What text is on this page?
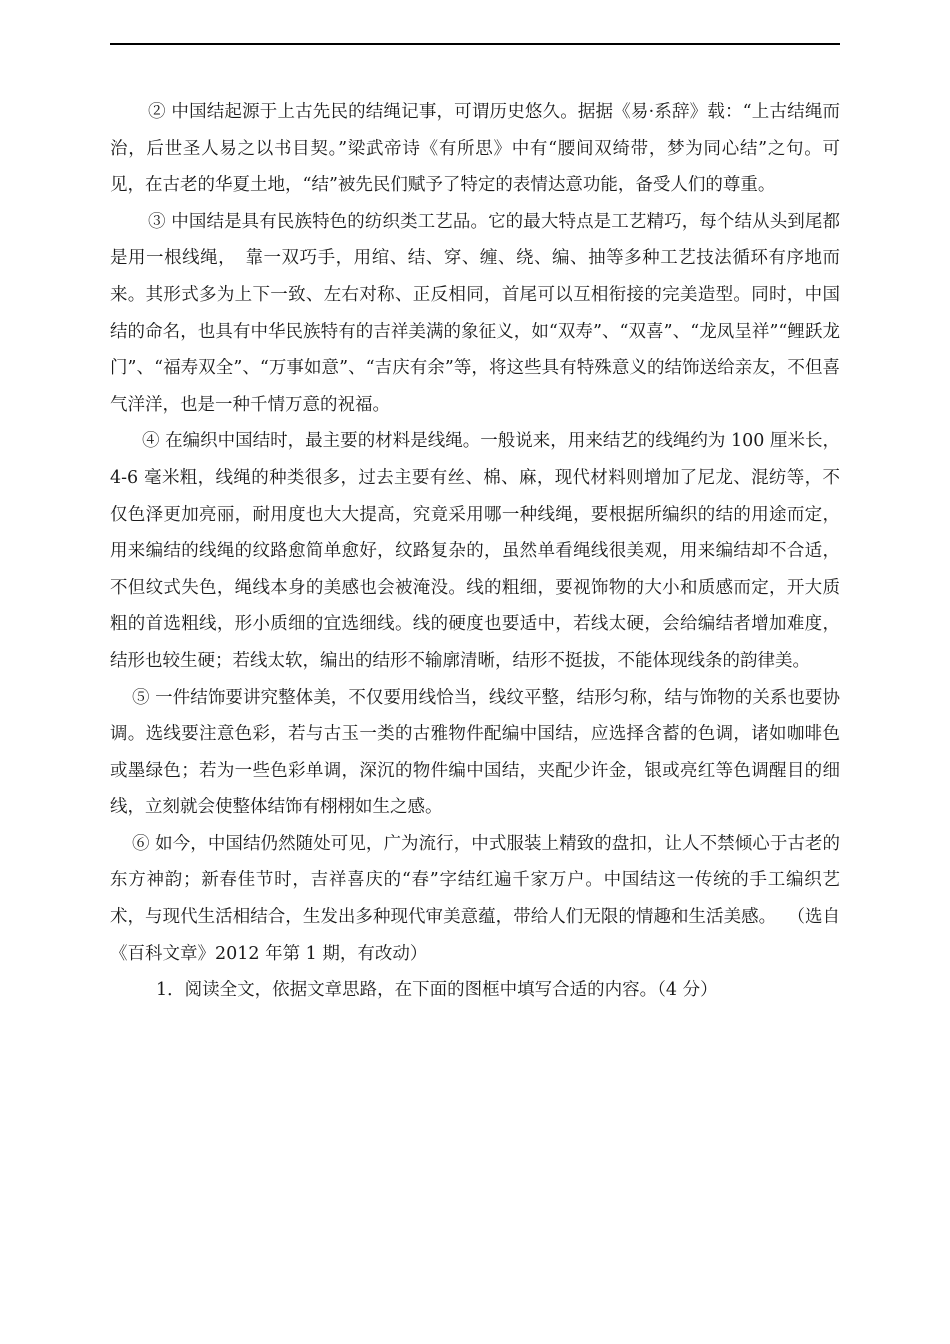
② 中国结起源于上古先民的结绳记事，可谓历史悠久。据据《易·系辞》载：“上古结绳而治，后世圣人易之以书目契。”梁武帝诗《有所思》中有“腰间双绮带，梦为同心结”之句。可见，在古老的华夏土地，“结”被先民们赋予了特定的表情达意功能，备受人们的尊重。

③ 中国结是具有民族特色的纺织类工艺品。它的最大特点是工艺精巧，每个结从头到尾都是用一根线绳，　靠一双巧手，用绾、结、穿、缠、绕、编、抽等多种工艺技法循环有序地而来。其形式多为上下一致、左右对称、正反相同，首尾可以互相衔接的完美造型。同时，中国结的命名，也具有中华民族特有的吉祥美满的象征义，如“双寿”、“双喜”、“龙凤呈祥”“鲤跃龙门”、“福寿双全”、“万事如意”、“吉庆有余”等，将这些具有特殊意义的结饰送给亲友，不但喜气洋洋，也是一种千情万意的祝福。

④ 在编织中国结时，最主要的材料是线绳。一般说来，用来结艺的线绳约为 100 厘米长，4-6 毫米粗，线绳的种类很多，过去主要有丝、棉、麻，现代材料则增加了尼龙、混纺等，不仅色泽更加亮丽，耐用度也大大提高，究竟采用哪一种线绳，要根据所编织的结的用途而定，用来编结的线绳的纹路愈简单愈好，纹路复杂的，虽然单看绳线很美观，用来编结却不合适，不但纹式失色，绳线本身的美感也会被淹没。线的粗细，要视饰物的大小和质感而定，开大质粗的首选粗线，形小质细的宜选细线。线的硬度也要适中，若线太硬，会给编结者增加难度，结形也较生硬；若线太软，编出的结形不输廓清晰，结形不挺拔，不能体现线条的韵律美。

⑤ 一件结饰要讲究整体美，不仅要用线恰当，线纹平整，结形匀称，结与饰物的关系也要协调。选线要注意色彩，若与古玉一类的古雅物件配编中国结，应选择含蓄的色调，诸如咖啡色或墨绿色；若为一些色彩单调，深沉的物件编中国结，夹配少许金，银或亮红等色调醒目的细线，立刻就会使整体结饰有栩栩如生之感。

⑥ 如今，中国结仍然随处可见，广为流行，中式服装上精致的盘扣，让人不禁倾心于古老的东方神韵；新春佳节时，吉祥喜庆的“春”字结红遍千家万户。中国结这一传统的手工编织艺术，与现代生活相结合，生发出多种现代审美意蕴，带给人们无限的情趣和生活美感。 （选自《百科文章》2012 年第 1 期，有改动）

1．阅读全文，依据文章思路，在下面的图框中填写合适的内容。（4 分）
